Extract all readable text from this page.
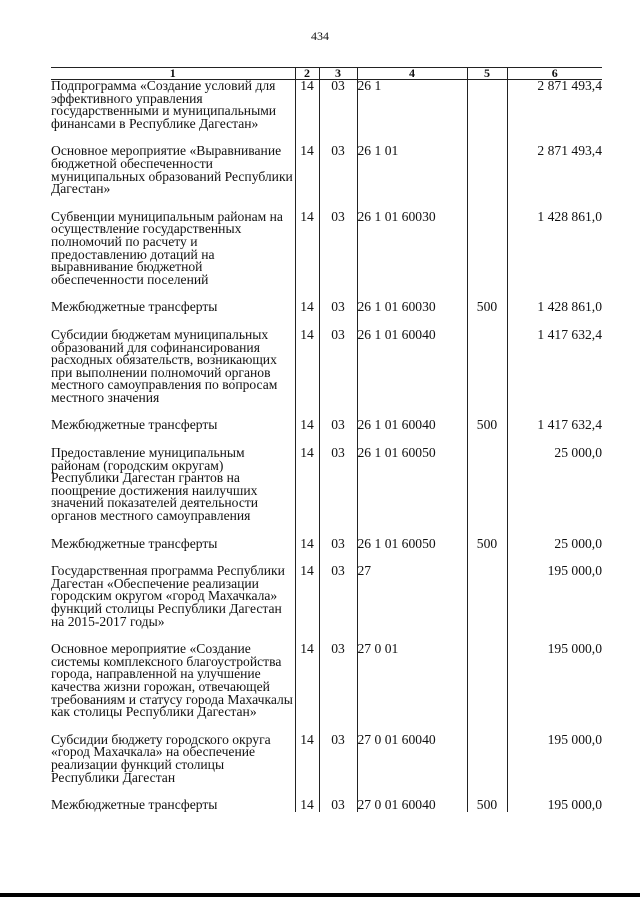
434
1	2	3	4	5	6
Подпрограмма «Создание условий для эффективного управления государственными и муниципальными финансами в Республике Дагестан»	14	03	26 1		2 871 493,4

Основное мероприятие «Выравнивание бюджетной обеспеченности муниципальных образований Республики Дагестан»	14	03	26 1 01		2 871 493,4

Субвенции муниципальным районам на осуществление государственных полномочий по расчету и предоставлению дотаций на выравнивание бюджетной обеспеченности поселений	14	03	26 1 01 60030		1 428 861,0

Межбюджетные трансферты	14	03	26 1 01 60030	500	1 428 861,0

Субсидии бюджетам муниципальных образований для софинансирования расходных обязательств, возникающих при выполнении полномочий органов местного самоуправления по вопросам местного значения	14	03	26 1 01 60040		1 417 632,4

Межбюджетные трансферты	14	03	26 1 01 60040	500	1 417 632,4

Предоставление муниципальным районам (городским округам) Республики Дагестан грантов на поощрение достижения наилучших значений показателей деятельности органов местного самоуправления	14	03	26 1 01 60050		25 000,0

Межбюджетные трансферты	14	03	26 1 01 60050	500	25 000,0

Государственная программа Республики Дагестан «Обеспечение реализации городским округом «город Махачкала» функций столицы Республики Дагестан на 2015-2017 годы»	14	03	27		195 000,0

Основное мероприятие «Создание системы комплексного благоустройства города, направленной на улучшение качества жизни горожан, отвечающей требованиям и статусу города Махачкалы как столицы Республики Дагестан»	14	03	27 0 01		195 000,0

Субсидии бюджету городского округа «город Махачкала» на обеспечение реализации функций столицы Республики Дагестан	14	03	27 0 01 60040		195 000,0

Межбюджетные трансферты	14	03	27 0 01 60040	500	195 000,0
